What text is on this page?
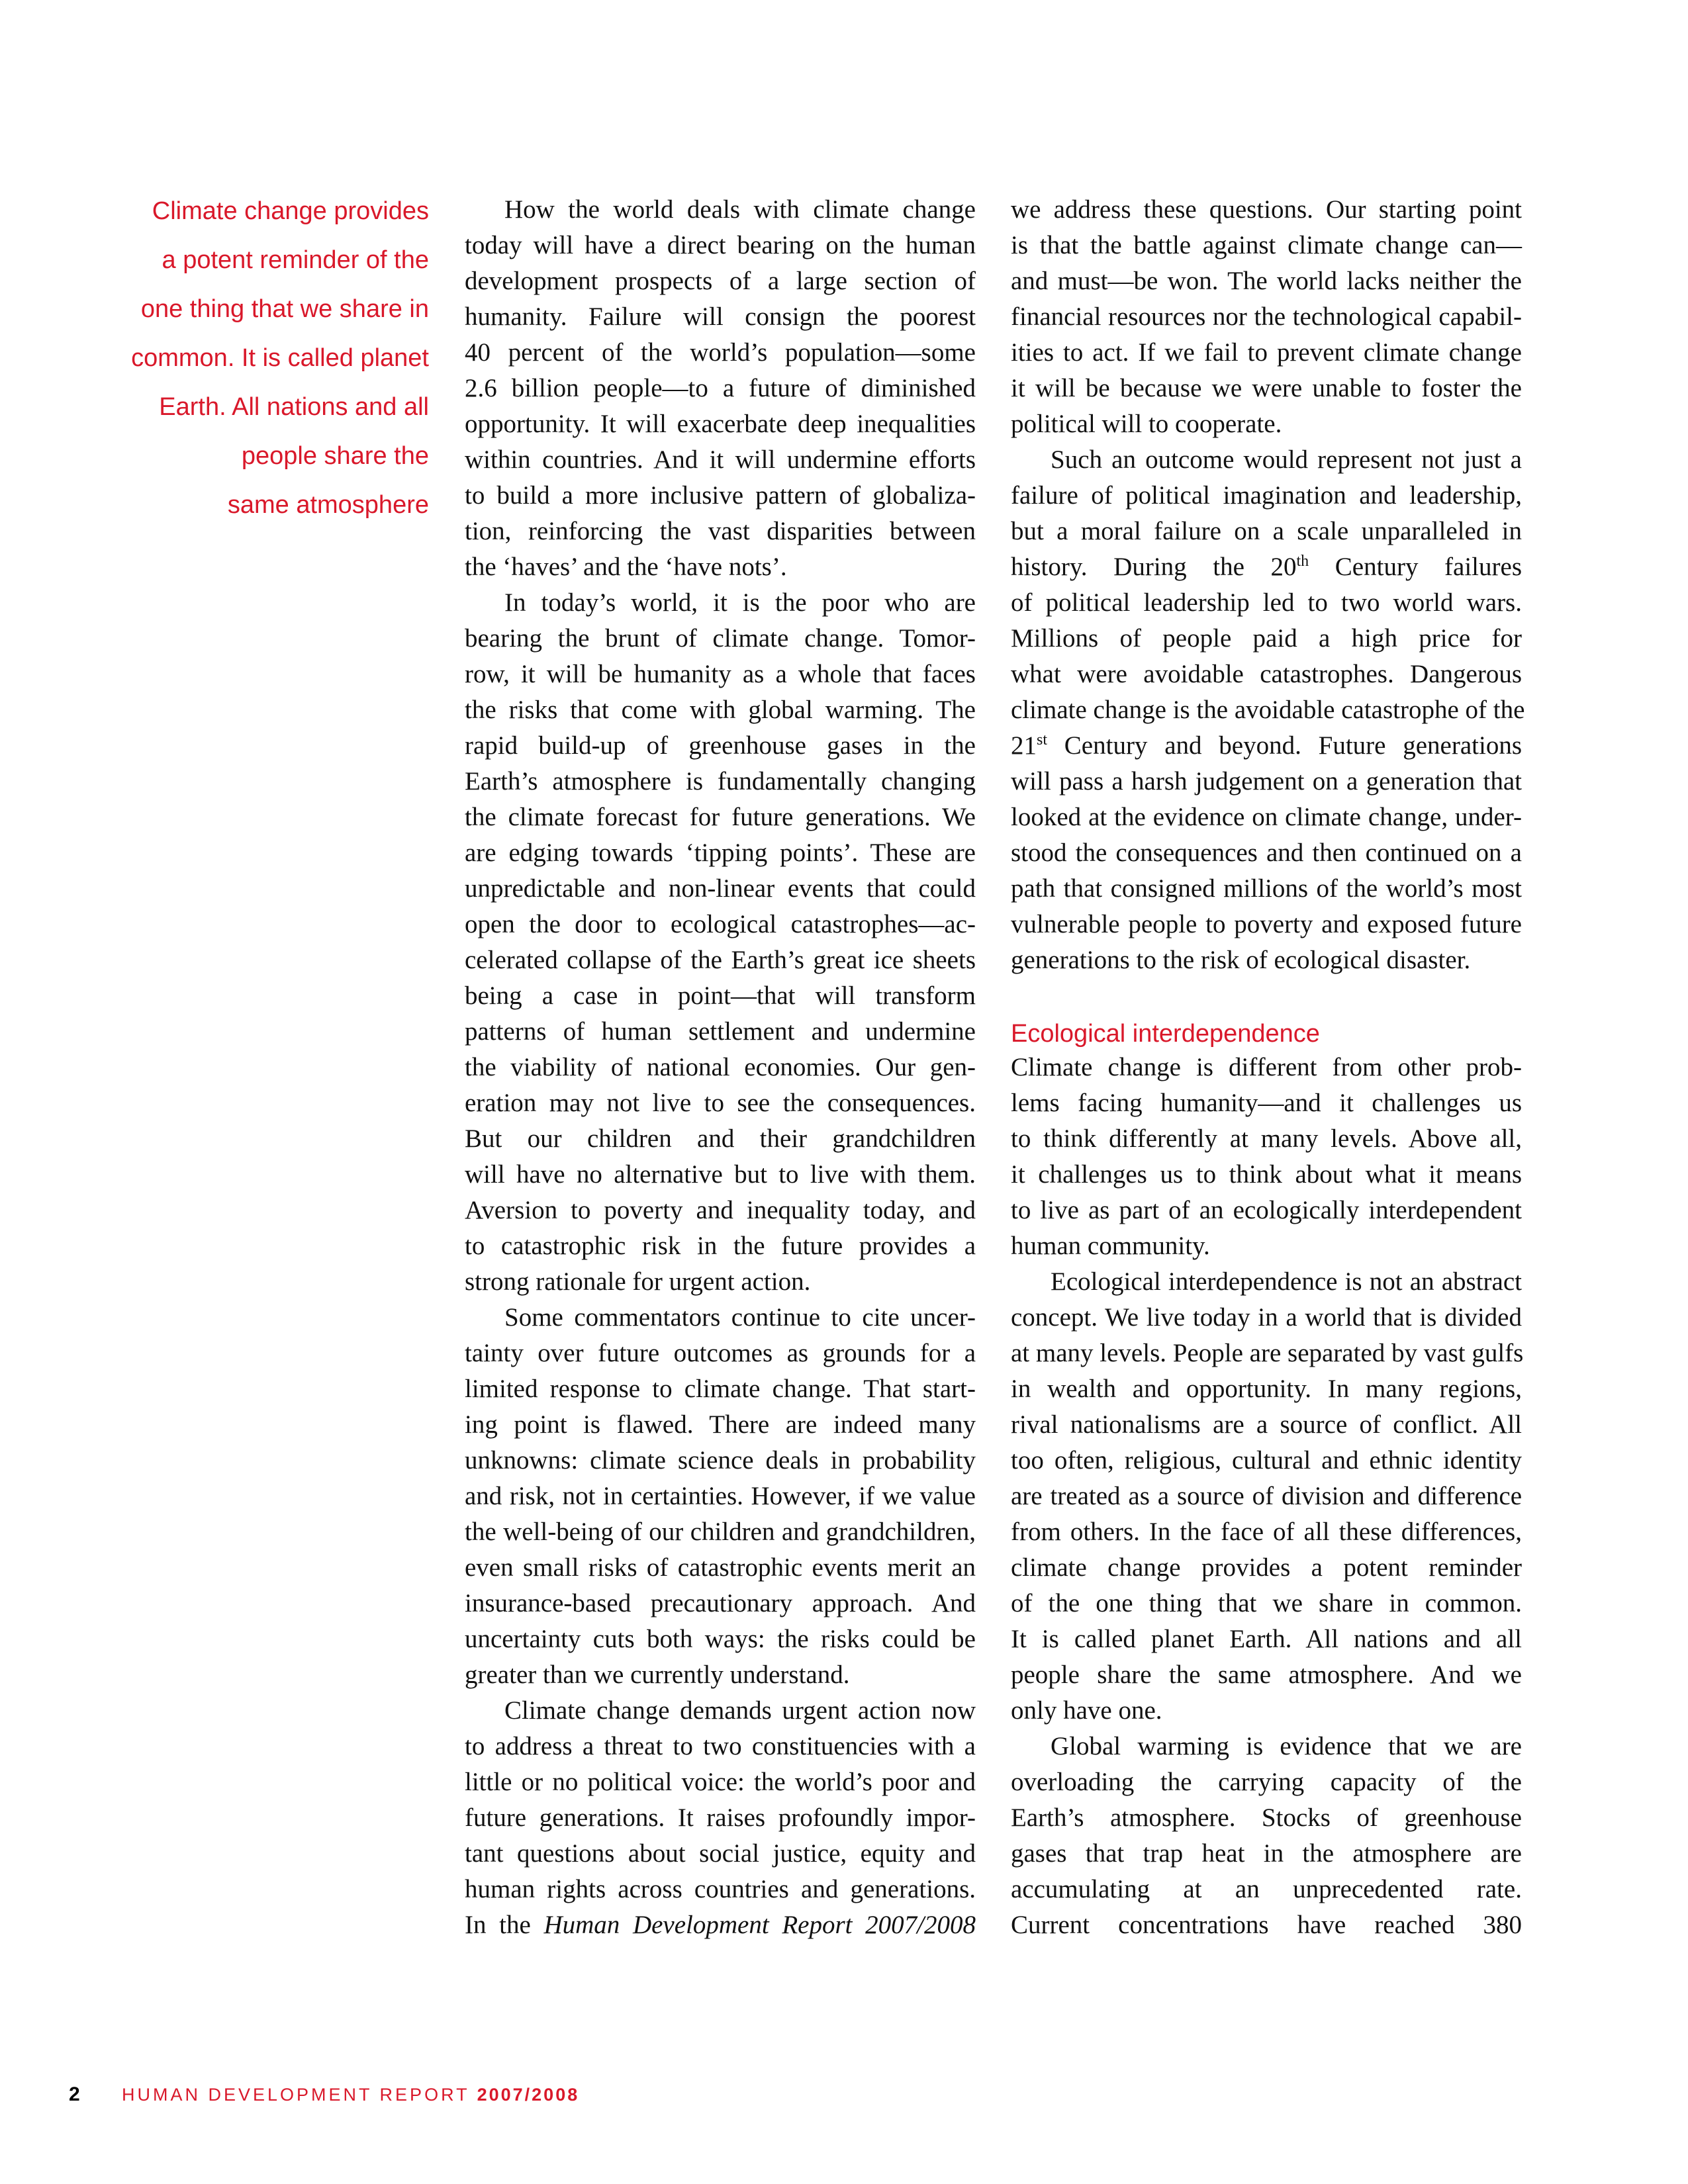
Climate change provides
a potent reminder of the
one thing that we share in
common. It is called planet
Earth. All nations and all
people share the
same atmosphere

How the world deals with climate change
today will have a direct bearing on the human
development prospects of a large section of
humanity. Failure will consign the poorest
40 percent of the world’s population—some
2.6 billion people—to a future of diminished
opportunity. It will exacerbate deep inequalities
within countries. And it will undermine efforts
to build a more inclusive pattern of globaliza-
tion, reinforcing the vast disparities between
the ‘haves’ and the ‘have nots’.
In today’s world, it is the poor who are
bearing the brunt of climate change. Tomor-
row, it will be humanity as a whole that faces
the risks that come with global warming. The
rapid build-up of greenhouse gases in the
Earth’s atmosphere is fundamentally changing
the climate forecast for future generations. We
are edging towards ‘tipping points’. These are
unpredictable and non-linear events that could
open the door to ecological catastrophes—ac-
celerated collapse of the Earth’s great ice sheets
being a case in point—that will transform
patterns of human settlement and undermine
the viability of national economies. Our gen-
eration may not live to see the consequences.
But our children and their grandchildren
will have no alternative but to live with them.
Aversion to poverty and inequality today, and
to catastrophic risk in the future provides a
strong rationale for urgent action.
Some commentators continue to cite uncer-
tainty over future outcomes as grounds for a
limited response to climate change. That start-
ing point is flawed. There are indeed many
unknowns: climate science deals in probability
and risk, not in certainties. However, if we value
the well-being of our children and grandchildren,
even small risks of catastrophic events merit an
insurance-based precautionary approach. And
uncertainty cuts both ways: the risks could be
greater than we currently understand.
Climate change demands urgent action now
to address a threat to two constituencies with a
little or no political voice: the world’s poor and
future generations. It raises profoundly impor-
tant questions about social justice, equity and
human rights across countries and generations.
In the Human Development Report 2007/2008
we address these questions. Our starting point
is that the battle against climate change can—
and must—be won. The world lacks neither the
financial resources nor the technological capabil-
ities to act. If we fail to prevent climate change
it will be because we were unable to foster the
political will to cooperate.
Such an outcome would represent not just a
failure of political imagination and leadership,
but a moral failure on a scale unparalleled in
history. During the 20th Century failures
of political leadership led to two world wars.
Millions of people paid a high price for
what were avoidable catastrophes. Dangerous
climate change is the avoidable catastrophe of the
21st Century and beyond. Future generations
will pass a harsh judgement on a generation that
looked at the evidence on climate change, under-
stood the consequences and then continued on a
path that consigned millions of the world’s most
vulnerable people to poverty and exposed future
generations to the risk of ecological disaster.
Ecological interdependence
Climate change is different from other prob-
lems facing humanity—and it challenges us
to think differently at many levels. Above all,
it challenges us to think about what it means
to live as part of an ecologically interdependent
human community.
Ecological interdependence is not an abstract
concept. We live today in a world that is divided
at many levels. People are separated by vast gulfs
in wealth and opportunity. In many regions,
rival nationalisms are a source of conflict. All
too often, religious, cultural and ethnic identity
are treated as a source of division and difference
from others. In the face of all these differences,
climate change provides a potent reminder
of the one thing that we share in common.
It is called planet Earth. All nations and all
people share the same atmosphere. And we
only have one.
Global warming is evidence that we are
overloading the carrying capacity of the
Earth’s atmosphere. Stocks of greenhouse
gases that trap heat in the atmosphere are
accumulating at an unprecedented rate.
Current concentrations have reached 380
2 HUMAN DEVELOPMENT REPORT 2007/2008
